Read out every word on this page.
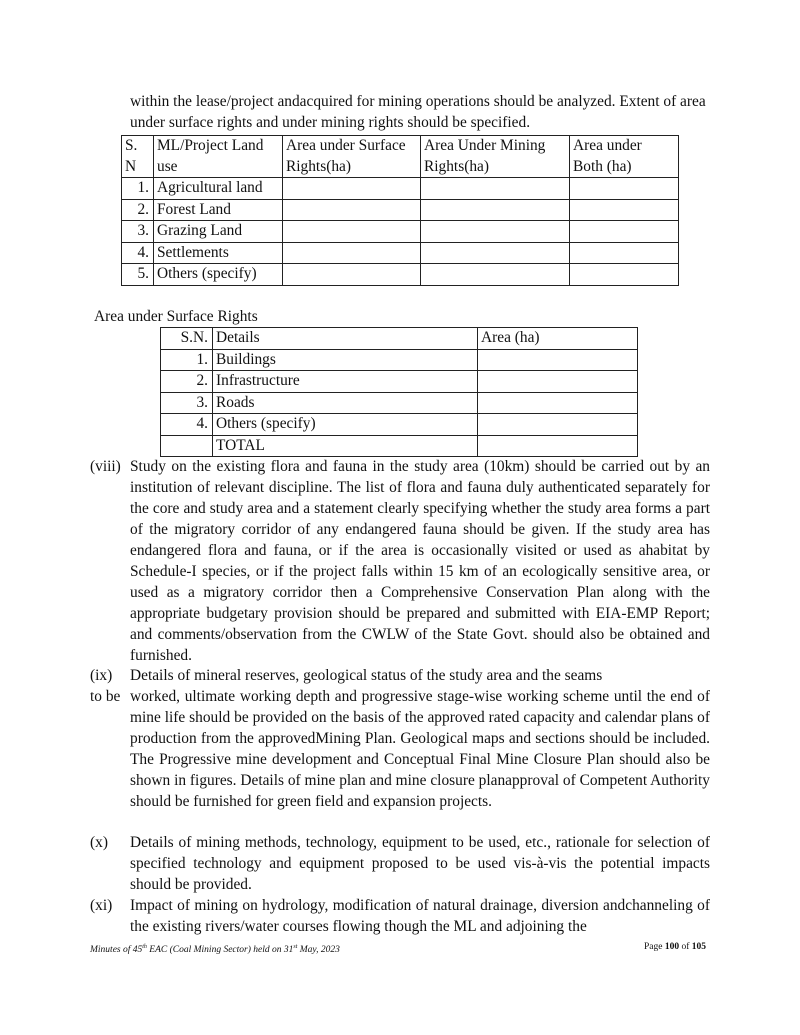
within the lease/project andacquired for mining operations should be analyzed. Extent of area under surface rights and under mining rights should be specified.
S. N	ML/Project Land use	Area under Surface Rights(ha)	Area Under Mining Rights(ha)	Area under Both (ha)
1.	Agricultural land			
2.	Forest Land			
3.	Grazing Land			
4.	Settlements			
5.	Others (specify)			
Area under Surface Rights
S.N.	Details	Area (ha)
1.	Buildings	
2.	Infrastructure	
3.	Roads	
4.	Others (specify)	
	TOTAL	
(viii) Study on the existing flora and fauna in the study area (10km) should be carried out by an institution of relevant discipline. The list of flora and fauna duly authenticated separately for the core and study area and a statement clearly specifying whether the study area forms a part of the migratory corridor of any endangered fauna should be given. If the study area has endangered flora and fauna, or if the area is occasionally visited or used as ahabitat by Schedule-I species, or if the project falls within 15 km of an ecologically sensitive area, or used as a migratory corridor then a Comprehensive Conservation Plan along with the appropriate budgetary provision should be prepared and submitted with EIA-EMP Report; and comments/observation from the CWLW of the State Govt. should also be obtained and furnished.
(ix) Details of mineral reserves, geological status of the study area and the seams
to be worked, ultimate working depth and progressive stage-wise working scheme until the end of mine life should be provided on the basis of the approved rated capacity and calendar plans of production from the approvedMining Plan. Geological maps and sections should be included. The Progressive mine development and Conceptual Final Mine Closure Plan should also be shown in figures. Details of mine plan and mine closure planapproval of Competent Authority should be furnished for green field and expansion projects.
(x) Details of mining methods, technology, equipment to be used, etc., rationale for selection of specified technology and equipment proposed to be used vis-à-vis the potential impacts should be provided.
(xi) Impact of mining on hydrology, modification of natural drainage, diversion andchanneling of the existing rivers/water courses flowing though the ML and adjoining the
Minutes of 45th EAC (Coal Mining Sector) held on 31st May, 2023	Page 100 of 105
